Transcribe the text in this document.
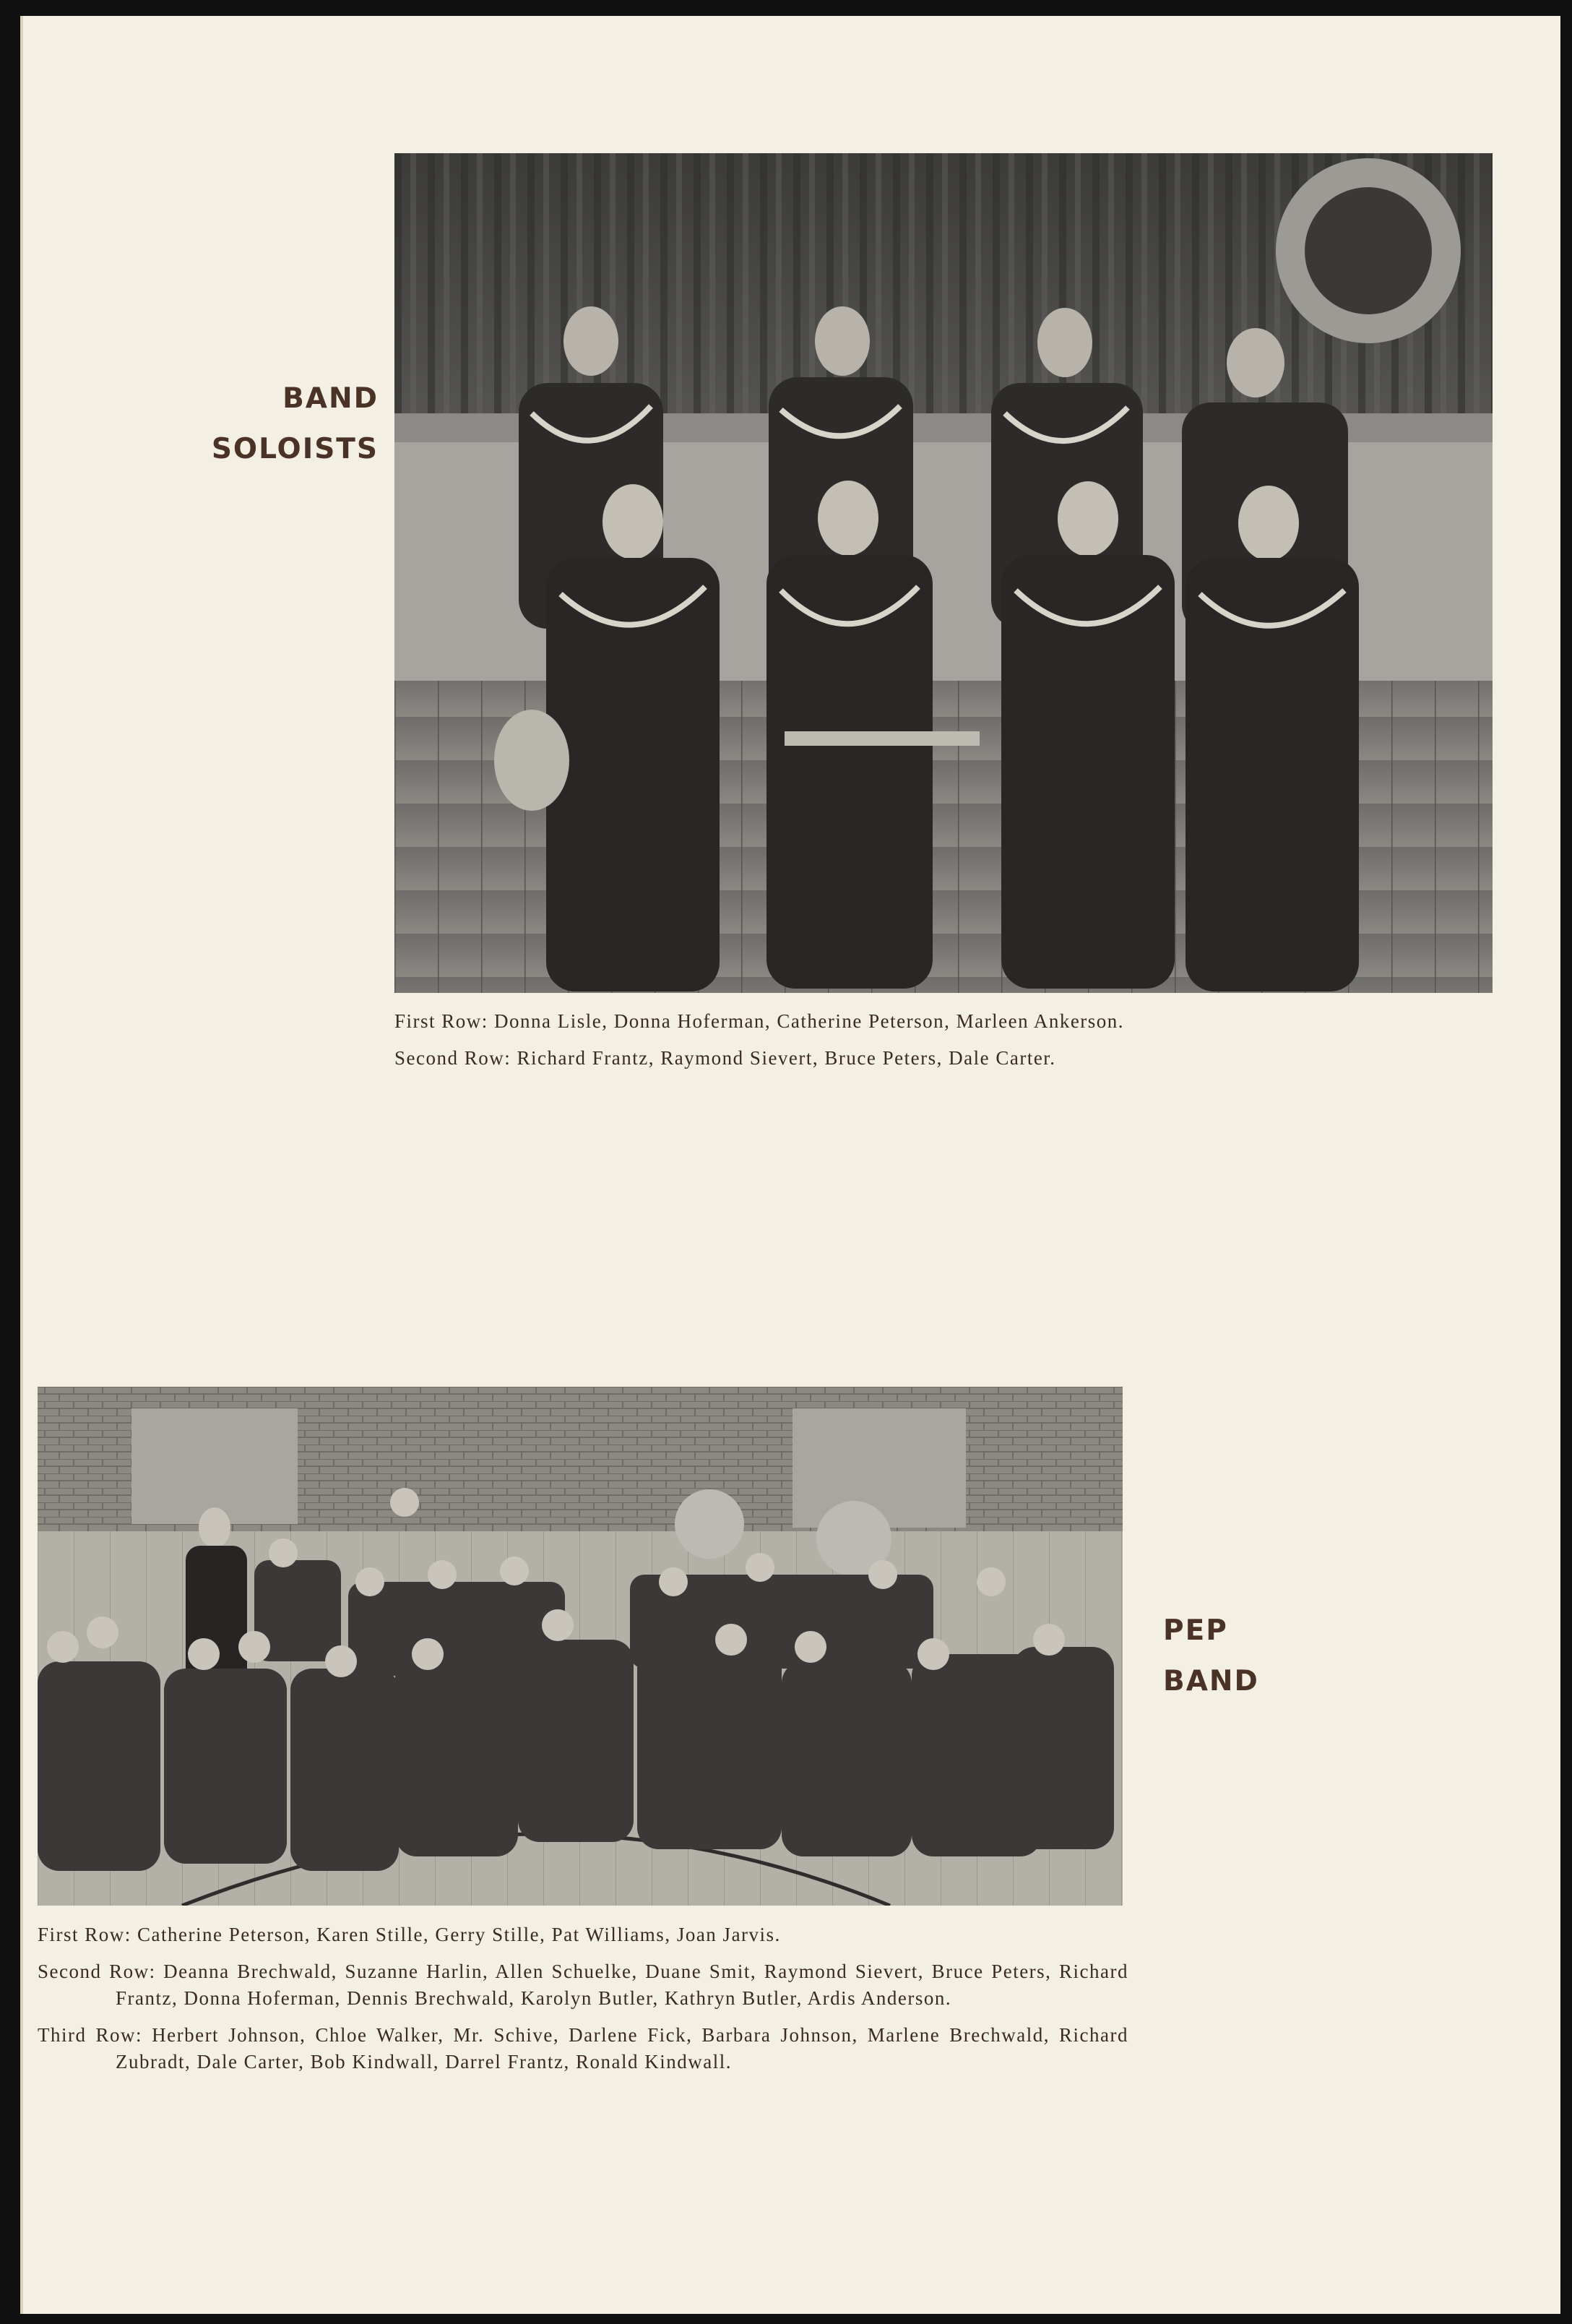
BAND
SOLOISTS

First Row: Donna Lisle, Donna Hoferman, Catherine Peterson, Marleen Ankerson.

Second Row: Richard Frantz, Raymond Sievert, Bruce Peters, Dale Carter.

PEP
BAND

First Row: Catherine Peterson, Karen Stille, Gerry Stille, Pat Williams, Joan Jarvis.

Second Row: Deanna Brechwald, Suzanne Harlin, Allen Schuelke, Duane Smit, Raymond Sievert, Bruce Peters, Richard Frantz, Donna Hoferman, Dennis Brechwald, Karolyn Butler, Kathryn Butler, Ardis Anderson.

Third Row: Herbert Johnson, Chloe Walker, Mr. Schive, Darlene Fick, Barbara Johnson, Marlene Brechwald, Richard Zubradt, Dale Carter, Bob Kindwall, Darrel Frantz, Ronald Kindwall.
